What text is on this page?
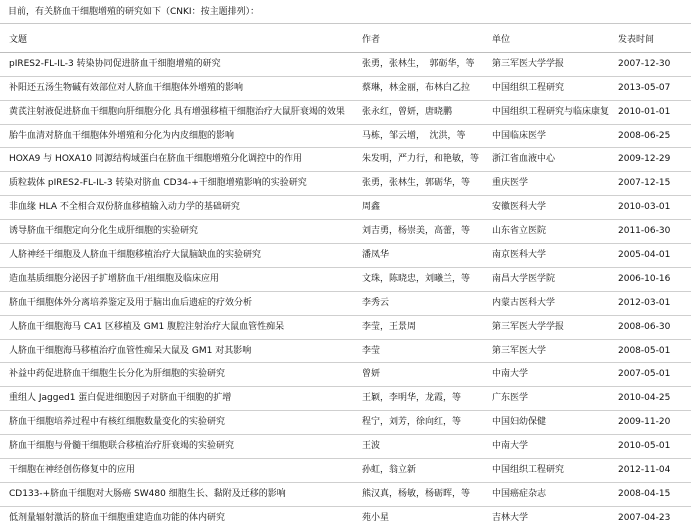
目前，有关脐血干细胞增殖的研究如下（CNKI：按主题排列）：
文题	作者	单位	发表时间
pIRES2-FL-IL-3 转染协同促进脐血干细胞增殖的研究	张勇，张林生，　郭砺华，等	第三军医大学学报	2007-12-30
补阳还五汤生物碱有效部位对人脐血干细胞体外增殖的影响	蔡琳，林金丽，布林白乙拉	中国组织工程研究	2013-05-07
黄芪注射液促进脐血干细胞向肝细胞分化 具有增强移植干细胞治疗大鼠肝衰竭的效果	张永红，曾妍，唐晓鹏	中国组织工程研究与临床康复	2010-01-01
胎牛血清对脐血干细胞体外增殖和分化为内皮细胞的影响	马栋，邹云增，　沈洪，等	中国临床医学	2008-06-25
HOXA9 与 HOXA10 同源结构域蛋白在脐血干细胞增殖分化调控中的作用	朱发明，严力行，和艳敏，等	浙江省血液中心	2009-12-29
质粒载体 pIRES2-FL-IL-3 转染对脐血 CD34-+干细胞增殖影响的实验研究	张勇，张林生，郭砺华，等	重庆医学	2007-12-15
非血缘 HLA 不全相合双份脐血移植输入动力学的基础研究	周鑫	安徽医科大学	2010-03-01
诱导脐血干细胞定向分化生成肝细胞的实验研究	刘吉勇，杨崇美，高蕾，等	山东省立医院	2011-06-30
人脐神经干细胞及人脐血干细胞移植治疗大鼠脑缺血的实验研究	潘凤华	南京医科大学	2005-04-01
造血基质细胞分泌因子扩增脐血干/祖细胞及临床应用	文珠，陈晓忠，刘曦兰，等	南昌大学医学院	2006-10-16
脐血干细胞体外分离培养鉴定及用于脑出血后遗症的疗效分析	李秀云	内蒙古医科大学	2012-03-01
人脐血干细胞海马 CA1 区移植及 GM1 腹腔注射治疗大鼠血管性痴呆	李莹，王景周	第三军医大学学报	2008-06-30
人脐血干细胞海马移植治疗血管性痴呆大鼠及 GM1 对其影响	李莹	第三军医大学	2008-05-01
补益中药促进脐血干细胞生长分化为肝细胞的实验研究	曾妍	中南大学	2007-05-01
重组人 Jagged1 蛋白促进细胞因子对脐血干细胞的扩增	王颖，李明华，龙霞，等	广东医学	2010-04-25
脐血干细胞培养过程中有核红细胞数量变化的实验研究	程宁，刘芳，徐向红，等	中国妇幼保健	2009-11-20
脐血干细胞与骨髓干细胞联合移植治疗肝衰竭的实验研究	王波	中南大学	2010-05-01
干细胞在神经创伤修复中的应用	孙虹，翁立新	中国组织工程研究	2012-11-04
CD133-+脐血干细胞对大肠癌 SW480 细胞生长、黏附及迁移的影响	熊汉真，杨敏，杨砺晖，等	中国癌症杂志	2008-04-15
低剂量辐射激活的脐血干细胞重建造血功能的体内研究	苑小星	吉林大学	2007-04-23
